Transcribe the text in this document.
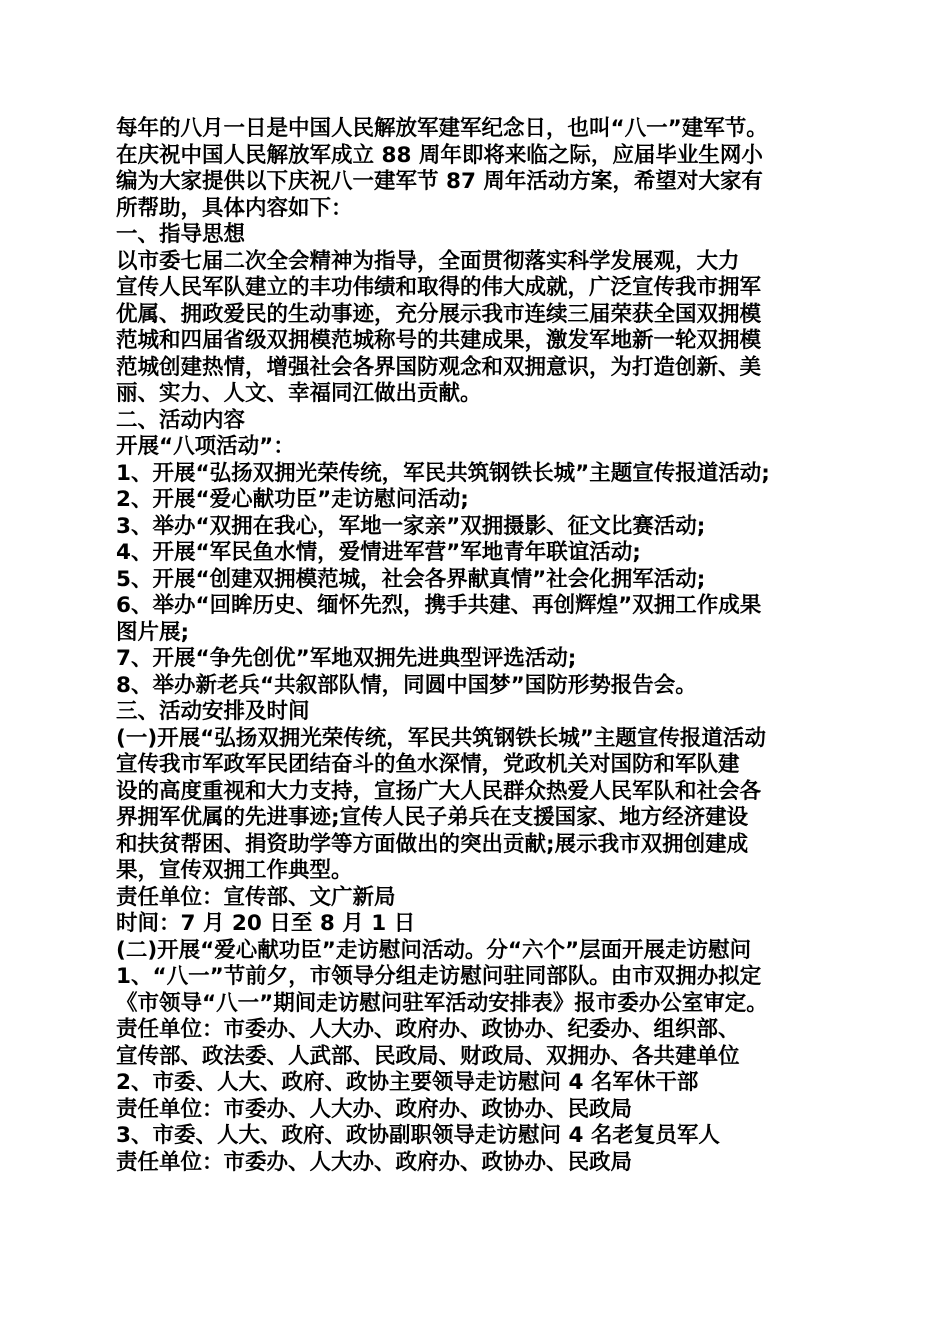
每年的八月一日是中国人民解放军建军纪念日，也叫“八一”建军节。
在庆祝中国人民解放军成立 88 周年即将来临之际，应届毕业生网小
编为大家提供以下庆祝八一建军节 87 周年活动方案，希望对大家有
所帮助，具体内容如下：
一、指导思想
以市委七届二次全会精神为指导，全面贯彻落实科学发展观，大力
宣传人民军队建立的丰功伟绩和取得的伟大成就，广泛宣传我市拥军
优属、拥政爱民的生动事迹，充分展示我市连续三届荣获全国双拥模
范城和四届省级双拥模范城称号的共建成果，激发军地新一轮双拥模
范城创建热情，增强社会各界国防观念和双拥意识，为打造创新、美
丽、实力、人文、幸福同江做出贡献。
二、活动内容
开展“八项活动”：
1、开展“弘扬双拥光荣传统，军民共筑钢铁长城”主题宣传报道活动;
2、开展“爱心献功臣”走访慰问活动;
3、举办“双拥在我心，军地一家亲”双拥摄影、征文比赛活动;
4、开展“军民鱼水情，爱情进军营”军地青年联谊活动;
5、开展“创建双拥模范城，社会各界献真情”社会化拥军活动;
6、举办“回眸历史、缅怀先烈，携手共建、再创辉煌”双拥工作成果
图片展;
7、开展“争先创优”军地双拥先进典型评选活动;
8、举办新老兵“共叙部队情，同圆中国梦”国防形势报告会。
三、活动安排及时间
(一)开展“弘扬双拥光荣传统，军民共筑钢铁长城”主题宣传报道活动
宣传我市军政军民团结奋斗的鱼水深情，党政机关对国防和军队建
设的高度重视和大力支持，宣扬广大人民群众热爱人民军队和社会各
界拥军优属的先进事迹;宣传人民子弟兵在支援国家、地方经济建设
和扶贫帮困、捐资助学等方面做出的突出贡献;展示我市双拥创建成
果，宣传双拥工作典型。
责任单位：宣传部、文广新局
时间：7 月 20 日至 8 月 1 日
(二)开展“爱心献功臣”走访慰问活动。分“六个”层面开展走访慰问
1、“八一”节前夕，市领导分组走访慰问驻同部队。由市双拥办拟定
《市领导“八一”期间走访慰问驻军活动安排表》报市委办公室审定。
责任单位：市委办、人大办、政府办、政协办、纪委办、组织部、
宣传部、政法委、人武部、民政局、财政局、双拥办、各共建单位
2、市委、人大、政府、政协主要领导走访慰问 4 名军休干部
责任单位：市委办、人大办、政府办、政协办、民政局
3、市委、人大、政府、政协副职领导走访慰问 4 名老复员军人
责任单位：市委办、人大办、政府办、政协办、民政局
